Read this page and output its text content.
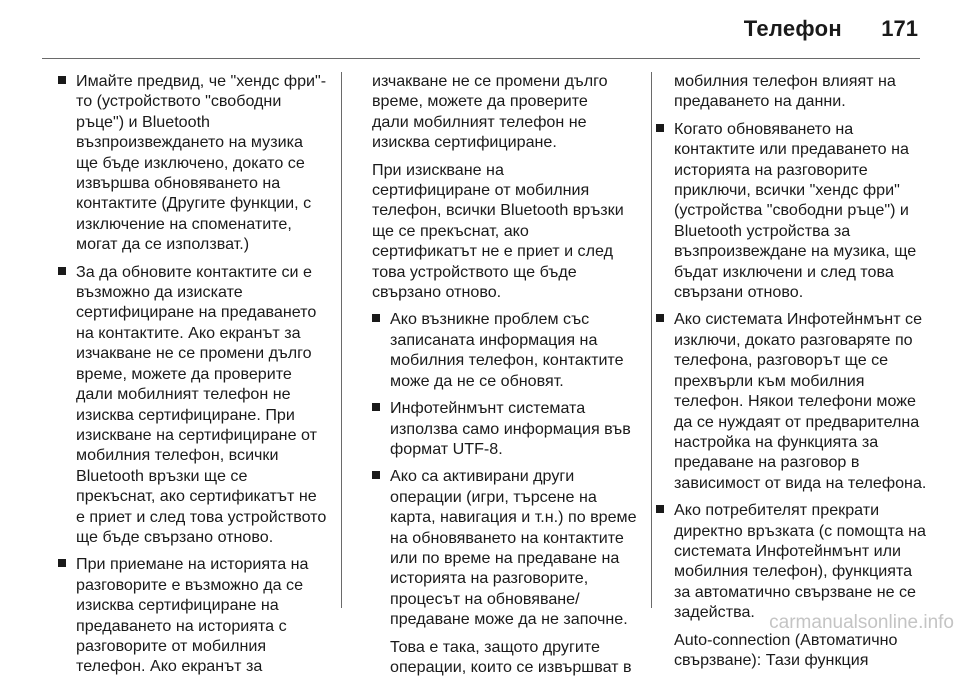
Телефон 171
Имайте предвид, че "хендс фри"-
то (устройството "свободни
ръце") и Bluetooth
възпроизвеждането на музика
ще бъде изключено, докато се
извършва обновяването на
контактите (Другите функции, с
изключение на споменатите,
могат да се използват.)
За да обновите контактите си е
възможно да изискате
сертифициране на предаването
на контактите. Ако екранът за
изчакване не се промени дълго
време, можете да проверите
дали мобилният телефон не
изисква сертифициране. При
изискване на сертифициране от
мобилния телефон, всички
Bluetooth връзки ще се
прекъснат, ако сертификатът не
е приет и след това устройството
ще бъде свързано отново.
При приемане на историята на
разговорите е възможно да се
изисква сертифициране на
предаването на историята с
разговорите от мобилния
телефон. Ако екранът за
изчакване не се промени дълго
време, можете да проверите
дали мобилният телефон не
изисква сертифициране.
При изискване на
сертифициране от мобилния
телефон, всички Bluetooth връзки
ще се прекъснат, ако
сертификатът не е приет и след
това устройството ще бъде
свързано отново.
Ако възникне проблем със
записаната информация на
мобилния телефон, контактите
може да не се обновят.
Инфотейнмънт системата
използва само информация във
формат UTF-8.
Ако са активирани други
операции (игри, търсене на
карта, навигация и т.н.) по време
на обновяването на контактите
или по време на предаване на
историята на разговорите,
процесът на обновяване/
предаване може да не започне.
Това е така, защото другите
операции, които се извършват в
мобилния телефон влияят на
предаването на данни.
Когато обновяването на
контактите или предаването на
историята на разговорите
приключи, всички "хендс фри"
(устройства "свободни ръце") и
Bluetooth устройства за
възпроизвеждане на музика, ще
бъдат изключени и след това
свързани отново.
Ако системата Инфотейнмънт се
изключи, докато разговаряте по
телефона, разговорът ще се
прехвърли към мобилния
телефон. Някои телефони може
да се нуждаят от предварителна
настройка на функцията за
предаване на разговор в
зависимост от вида на телефона.
Ако потребителят прекрати
директно връзката (с помощта на
системата Инфотейнмънт или
мобилния телефон), функцията
за автоматично свързване не се
задейства.
Auto-connection (Автоматично
свързване): Тази функция
carmanualsonline.info
